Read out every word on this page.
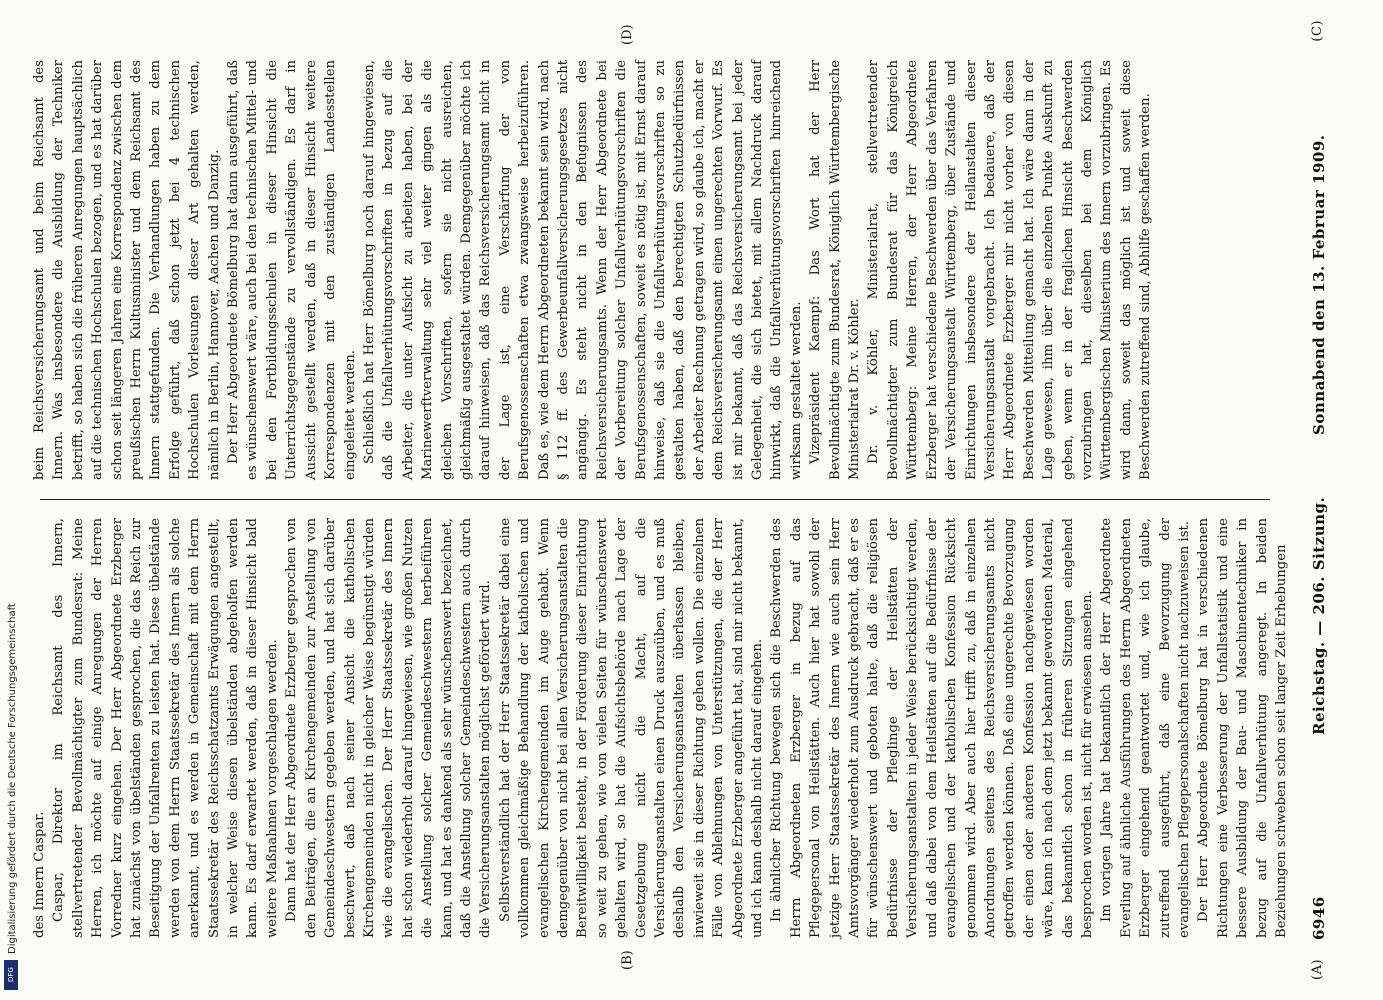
(A)
6946
Reichstag. — 206. Sitzung.
Sonnabend den 13. Februar 1909.
(C)

des Innern Caspar. Caspar, Direktor im Reichsamt des Innern, stellvertretender Bevollmächtigter zum Bundesrat: Meine Herren, ich möchte auf einige Anregungen der Herren Vorredner kurz eingehen. Der Herr Abgeordnete Erzberger hat zunächst von übelständen gesprochen, die das Reich zur Beseitigung der Unfallrenten zu leisten hat. Diese übelstände werden von dem Herrn Staatssekretär des Innern als solche anerkannt, und es werden in Gemeinschaft mit dem Herrn Staatssekretär des Reichsschatzamts Erwägungen angestellt, in welcher Weise diesen übelständen abgeholfen werden kann. Es darf erwartet werden, daß in dieser Hinsicht bald weitere Maßnahmen vorgeschlagen werden. Dann hat der Herr Abgeordnete Erzberger gesprochen von den Beiträgen, die an Kirchengemeinden zur Anstellung von Gemeindeschwestern gegeben werden, und hat sich darüber beschwert, daß nach seiner Ansicht die katholischen Kirchengemeinden nicht in gleicher Weise begünstigt würden wie die evangelischen. Der Herr Staatssekretär des Innern hat schon wiederholt darauf hingewiesen, wie großen Nutzen die Anstellung solcher Gemeindeschwestern herbeiführen kann, und hat es dankend als sehr wünschenswert bezeichnet, daß die Anstellung solcher Gemeindeschwestern auch durch die Versicherungsanstalten möglichst gefördert wird. Selbstverständlich hat der Herr Staatssekretär dabei eine vollkommen gleichmäßige Behandlung der katholischen und evangelischen Kirchengemeinden im Auge gehabt. Wenn demgegenüber von nicht bei allen Versicherungsanstalten die Bereitwilligkeit besteht, in der Förderung dieser Einrichtung so weit zu gehen, wie von vielen Seiten für wünschenswert gehalten wird, so hat die Aufsichtsbehörde nach Lage der Gesetzgebung nicht die Macht, auf die Versicherungsanstalten einen Druck auszuüben, und es muß deshalb den Versicherungsanstalten überlassen bleiben, inwieweit sie in dieser Richtung gehen wollen. Die einzelnen Fälle von Ablehnungen von Unterstützungen, die der Herr Abgeordnete Erzberger angeführt hat, sind mir nicht bekannt, und ich kann deshalb nicht darauf eingehen. In ähnlicher Richtung bewegen sich die Beschwerden des Herrn Abgeordneten Erzberger in bezug auf das Pflegepersonal von Heilstätten. Auch hier hat sowohl der jetzige Herr Staatssekretär des Innern wie auch sein Herr Amtsvorgänger wiederholt zum Ausdruck gebracht, daß er es für wünschenswert und geboten halte, daß die religiösen Bedürfnisse der Pfleglinge der Heilstätten der Versicherungsanstalten in jeder Weise berücksichtigt werden, und daß dabei von dem Heilstätten auf die Bedürfnisse der evangelischen und der katholischen Konfession Rücksicht genommen wird. Aber auch hier trifft zu, daß in einzelnen Anordnungen seitens des Reichsversicherungsamts nicht getroffen werden können. Daß eine ungerechte Bevorzugung der einen oder anderen Konfession nachgewiesen worden wäre, kann ich nach dem jetzt bekannt gewordenen Material, das bekanntlich schon in früheren Sitzungen eingehend besprochen worden ist, nicht für erwiesen ansehen. Im vorigen Jahre hat bekanntlich der Herr Abgeordnete Everling auf ähnliche Ausführungen des Herrn Abgeordneten Erzberger eingehend geantwortet und, wie ich glaube, zutreffend ausgeführt, daß eine Bevorzugung der evangelischen Pflegepersonalschaften nicht nachzuweisen ist. Der Herr Abgeordnete Bömelburg hat in verschiedenen Richtungen eine Verbesserung der Unfallstatistik und eine bessere Ausbildung der Bau- und Maschinentechniker in bezug auf die Unfallverhütung angeregt. In beiden Beziehungen schweben schon seit langer Zeit Erhebungen

beim Reichsversicherungsamt und beim Reichsamt des Innern. Was insbesondere die Ausbildung der Techniker betrifft, so haben sich die früheren Anregungen hauptsächlich auf die technischen Hochschulen bezogen, und es hat darüber schon seit längeren Jahren eine Korrespondenz zwischen dem preußischen Herrn Kultusminister und dem Reichsamt des Innern stattgefunden. Die Verhandlungen haben zu dem Erfolge geführt, daß schon jetzt bei 4 technischen Hochschulen Vorlesungen dieser Art gehalten werden, nämlich in Berlin, Hannover, Aachen und Danzig. Der Herr Abgeordnete Bömelburg hat dann ausgeführt, daß es wünschenswert wäre, auch bei den technischen Mittel- und bei den Fortbildungsschulen in dieser Hinsicht die Unterrichtsgegenstände zu vervollständigen. Es darf in Aussicht gestellt werden, daß in dieser Hinsicht weitere Korrespondenzen mit den zuständigen Landesstellen eingeleitet werden. Schließlich hat Herr Bömelburg noch darauf hingewiesen, daß die Unfallverhütungsvorschriften in bezug auf die Arbeiter, die unter Aufsicht zu arbeiten haben, bei der Marinewerftverwaltung sehr viel weiter gingen als die gleichen Vorschriften, sofern sie nicht ausreichen, gleichmäßig ausgestaltet würden. Demgegenüber möchte ich darauf hinweisen, daß das Reichsversicherungsamt nicht in der Lage ist, eine Verschärfung der von Berufsgenossenschaften etwa zwangsweise herbeizuführen. Daß es, wie dem Herrn Abgeordneten bekannt sein wird, nach § 112 ff. des Gewerbeunfallversicherungsgesetzes nicht angängig. Es steht nicht in den Befugnissen des Reichsversicherungsamts. Wenn der Herr Abgeordnete bei der Vorbereitung solcher Unfallverhütungsvorschriften die Berufsgenossenschaften, soweit es nötig ist, mit Ernst darauf hinweise, daß sie die Unfallverhütungsvorschriften so zu gestalten haben, daß den berechtigten Schutzbedürfnissen der Arbeiter Rechnung getragen wird, so glaube ich, macht er dem Reichsversicherungsamt einen ungerechten Vorwurf. Es ist mir bekannt, daß das Reichsversicherungsamt bei jeder Gelegenheit, die sich bietet, mit allem Nachdruck darauf hinwirkt, daß die Unfallverhütungsvorschriften hinreichend wirksam gestaltet werden. Vizepräsident Kaempf: Das Wort hat der Herr Bevollmächtigte zum Bundesrat, Königlich Württembergische Ministerialrat Dr. v. Köhler. Dr. v. Köhler, Ministerialrat, stellvertretender Bevollmächtigter zum Bundesrat für das Königreich Württemberg: Meine Herren, der Herr Abgeordnete Erzberger hat verschiedene Beschwerden über das Verfahren der Versicherungsanstalt Württemberg, über Zustände und Einrichtungen insbesondere der Heilanstalten dieser Versicherungsanstalt vorgebracht. Ich bedauere, daß der Herr Abgeordnete Erzberger mir nicht vorher von diesen Beschwerden Mitteilung gemacht hat. Ich wäre dann in der Lage gewesen, ihm über die einzelnen Punkte Auskunft zu geben, wenn er in der fraglichen Hinsicht Beschwerden vorzubringen hat, dieselben bei dem Königlich Württembergischen Ministerium des Innern vorzubringen. Es wird dann, soweit das möglich ist und soweit diese Beschwerden zutreffend sind, Abhilfe geschaffen werden.

(B)
(D)
Digitalisierung gefördert durch die Deutsche Forschungsgemeinschaft
DFG
